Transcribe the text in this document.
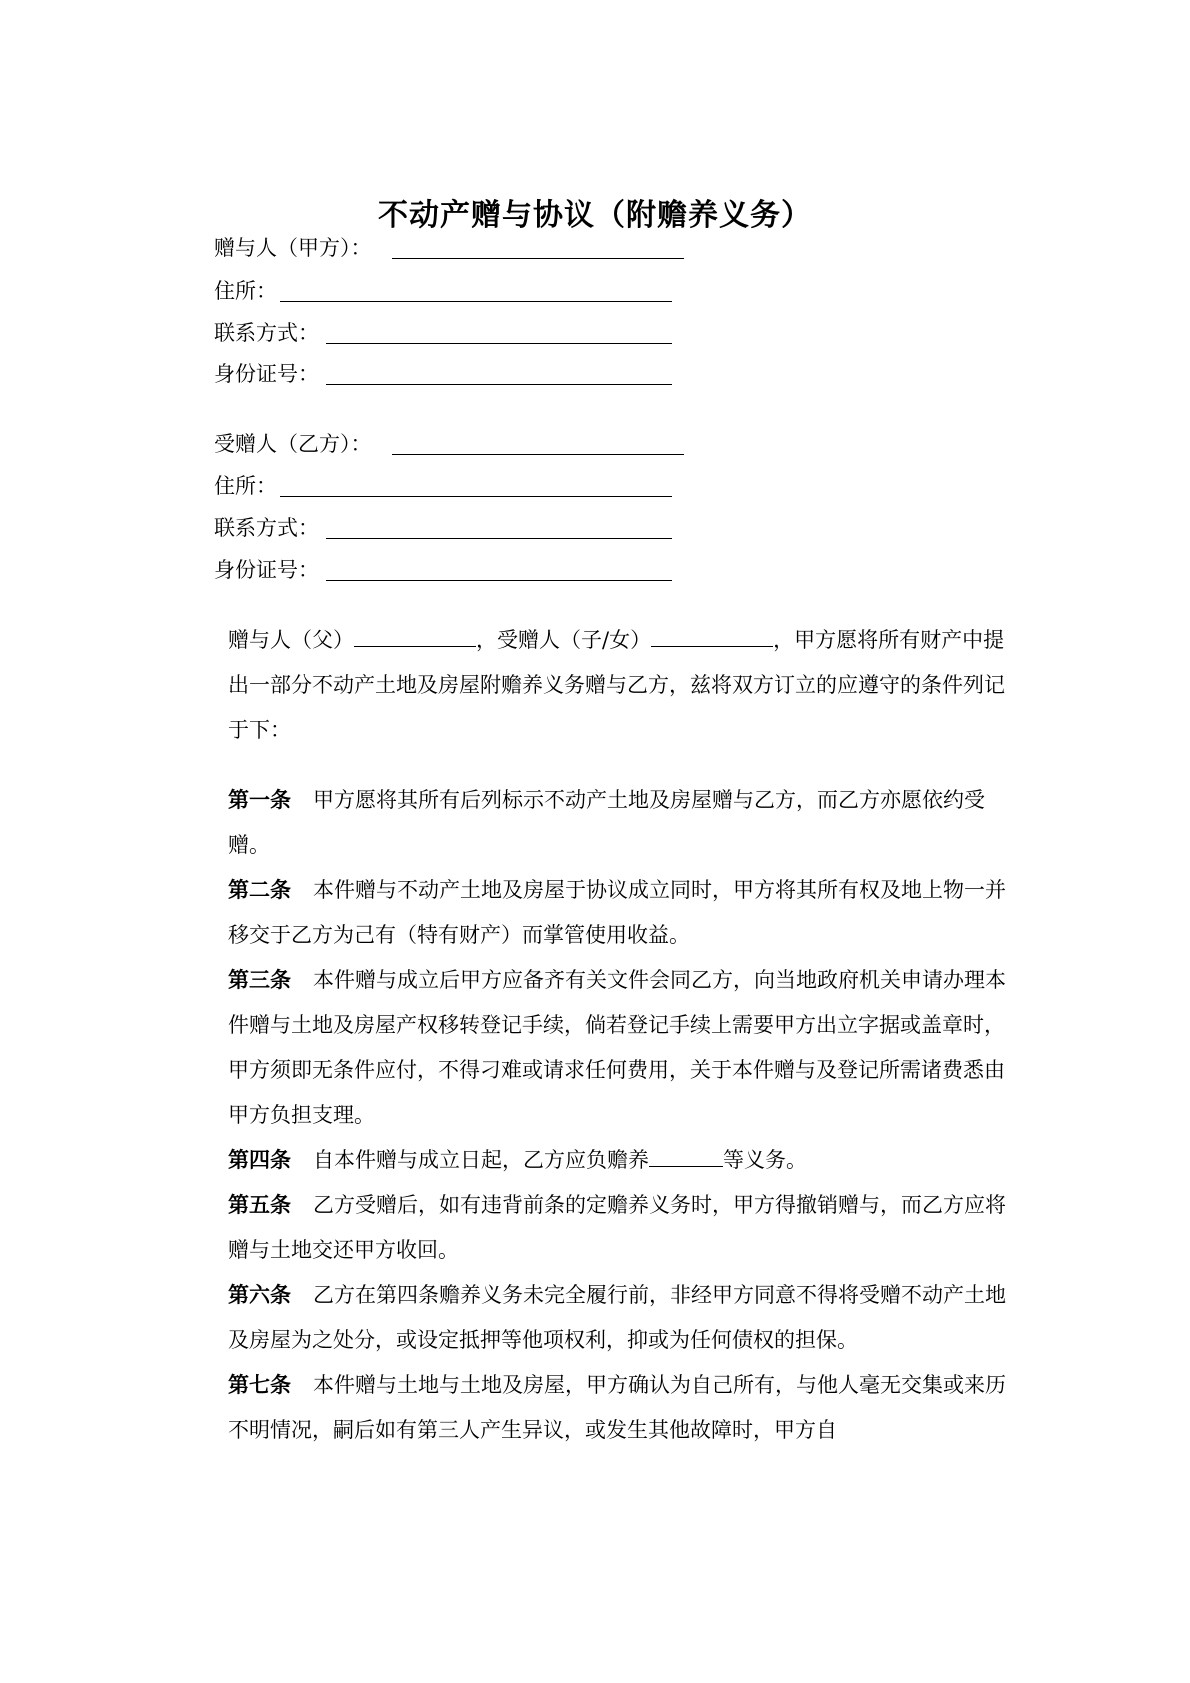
不动产赠与协议（附赡养义务）
赠与人（甲方）：
住所：
联系方式：
身份证号：
受赠人（乙方）：
住所：
联系方式：
身份证号：

赠与人（父）	，受赠人（子/女）	，甲方愿将所有财产中提出一部分不动产土地及房屋附赡养义务赠与乙方，兹将双方订立的应遵守的条件列记于下：

第一条 甲方愿将其所有后列标示不动产土地及房屋赠与乙方，而乙方亦愿依约受赠。

第二条 本件赠与不动产土地及房屋于协议成立同时，甲方将其所有权及地上物一并移交于乙方为己有（特有财产）而掌管使用收益。

第三条 本件赠与成立后甲方应备齐有关文件会同乙方，向当地政府机关申请办理本件赠与土地及房屋产权移转登记手续，倘若登记手续上需要甲方出立字据或盖章时，甲方须即无条件应付，不得刁难或请求任何费用，关于本件赠与及登记所需诸费悉由甲方负担支理。

第四条 自本件赠与成立日起，乙方应负赡养	等义务。

第五条 乙方受赠后，如有违背前条的定赡养义务时，甲方得撤销赠与，而乙方应将赠与土地交还甲方收回。

第六条 乙方在第四条赡养义务未完全履行前，非经甲方同意不得将受赠不动产土地及房屋为之处分，或设定抵押等他项权利，抑或为任何债权的担保。

第七条 本件赠与土地与土地及房屋，甲方确认为自己所有，与他人毫无交集或来历不明情况，嗣后如有第三人产生异议，或发生其他故障时，甲方自
